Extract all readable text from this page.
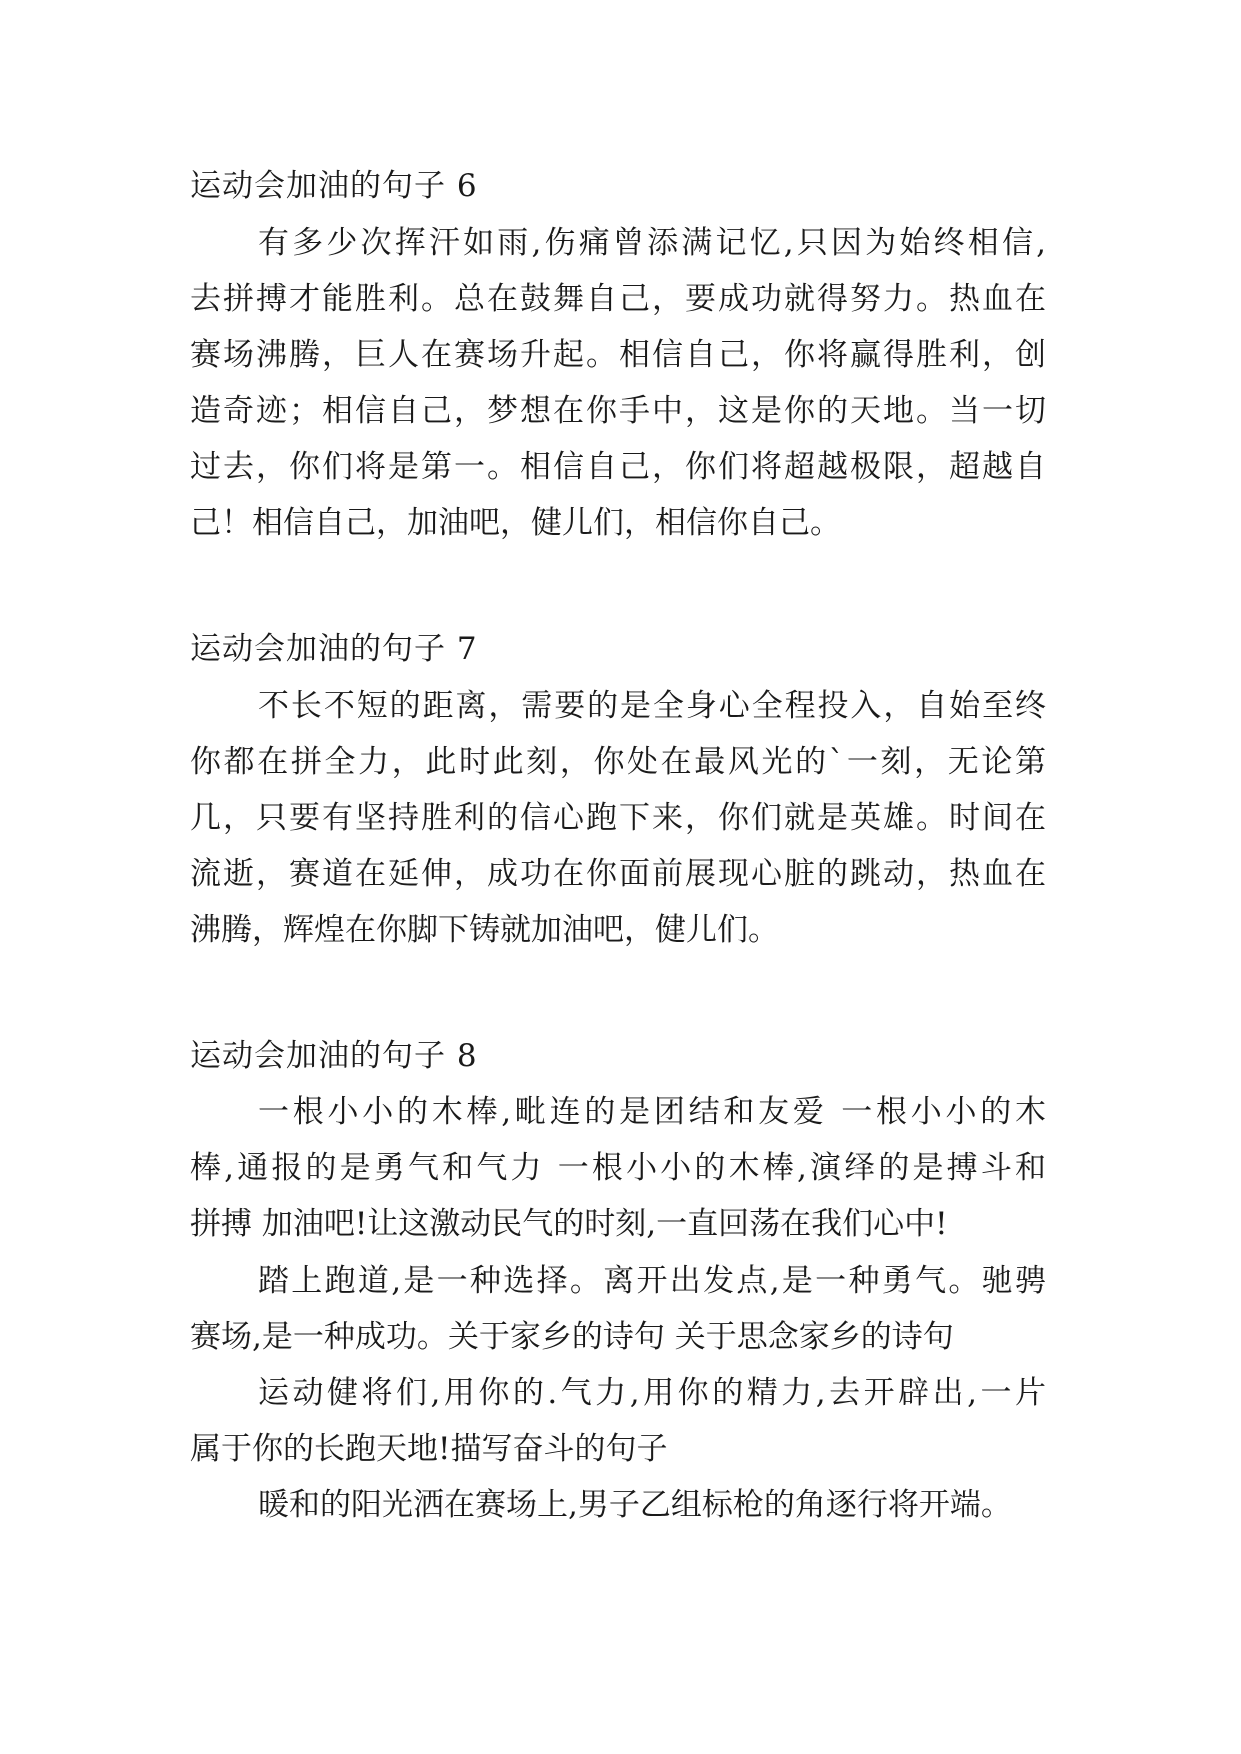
运动会加油的句子 6
有多少次挥汗如雨,伤痛曾添满记忆,只因为始终相信,
去拼搏才能胜利。总在鼓舞自己，要成功就得努力。热血在
赛场沸腾，巨人在赛场升起。相信自己，你将赢得胜利，创
造奇迹；相信自己，梦想在你手中，这是你的天地。当一切
过去，你们将是第一。相信自己，你们将超越极限，超越自
己！相信自己，加油吧，健儿们，相信你自己。
运动会加油的句子 7
不长不短的距离，需要的是全身心全程投入，自始至终
你都在拼全力，此时此刻，你处在最风光的`一刻，无论第
几，只要有坚持胜利的信心跑下来，你们就是英雄。时间在
流逝，赛道在延伸，成功在你面前展现心脏的跳动，热血在
沸腾，辉煌在你脚下铸就加油吧，健儿们。
运动会加油的句子 8
一根小小的木棒,毗连的是团结和友爱 一根小小的木
棒,通报的是勇气和气力 一根小小的木棒,演绎的是搏斗和
拼搏 加油吧!让这激动民气的时刻,一直回荡在我们心中!
踏上跑道,是一种选择。离开出发点,是一种勇气。驰骋
赛场,是一种成功。关于家乡的诗句 关于思念家乡的诗句
运动健将们,用你的.气力,用你的精力,去开辟出,一片
属于你的长跑天地!描写奋斗的句子
暖和的阳光洒在赛场上,男子乙组标枪的角逐行将开端。
